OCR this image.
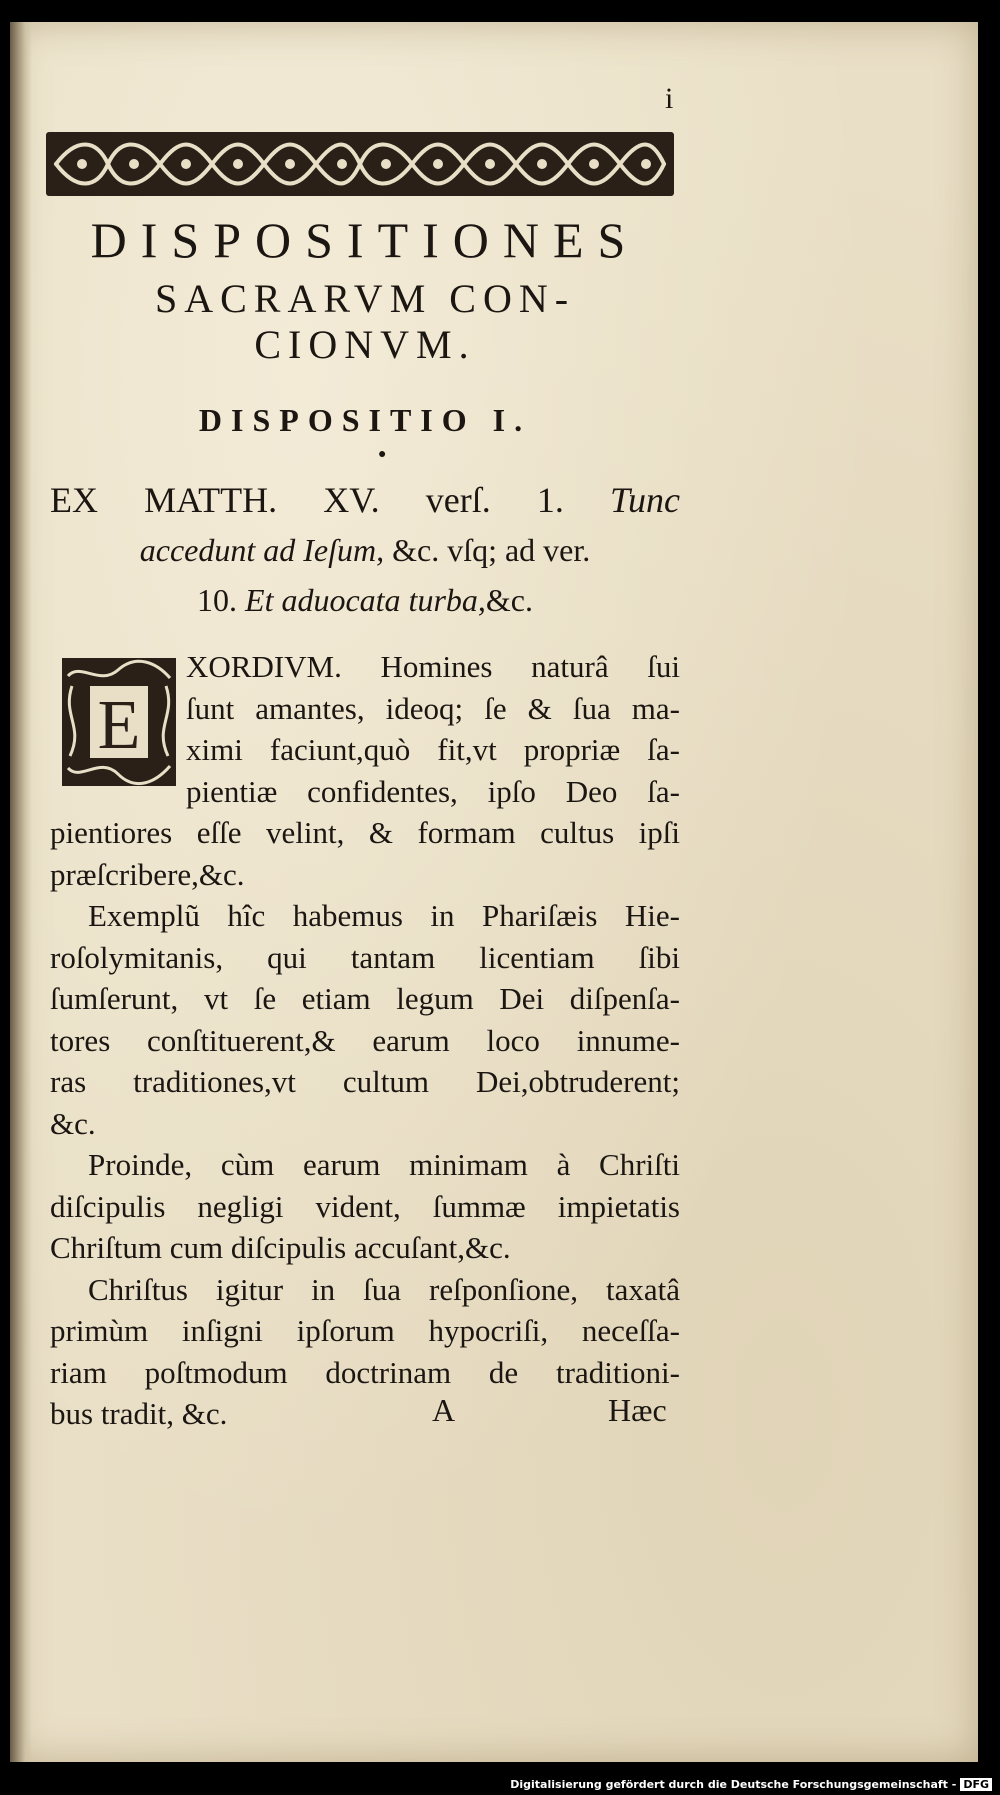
i
DISPOSITIONES
SACRARVM CON-
CIONVM.
DISPOSITIO I.
●
EX MATTH. XV. verſ. 1. Tunc
accedunt ad Ieſum, &c. vſq; ad ver.
10. Et aduocata turba,&c.
E

XORDIVM. Homines naturâ ſui
ſunt amantes, ideoq; ſe & ſua ma-
ximi faciunt,quò fit,vt propriæ ſa-
pientiæ confidentes, ipſo Deo ſa-
pientiores eſſe velint, & formam cultus ipſi
præſcribere,&c.

Exemplũ hîc habemus in Phariſæis Hie-
roſolymitanis, qui tantam licentiam ſibi
ſumſerunt, vt ſe etiam legum Dei diſpenſa-
tores conſtituerent,& earum loco innume-
ras traditiones,vt cultum Dei,obtruderent;
&c.

Proinde, cùm earum minimam à Chriſti
diſcipulis negligi vident, ſummæ impietatis
Chriſtum cum diſcipulis accuſant,&c.

Chriſtus igitur in ſua reſponſione, taxatâ
primùm inſigni ipſorum hypocriſi, neceſſa-
riam poſtmodum doctrinam de traditioni-
bus tradit, &c.	A	Hæc
Digitalisierung gefördert durch die Deutsche Forschungsgemeinschaft - DFG
